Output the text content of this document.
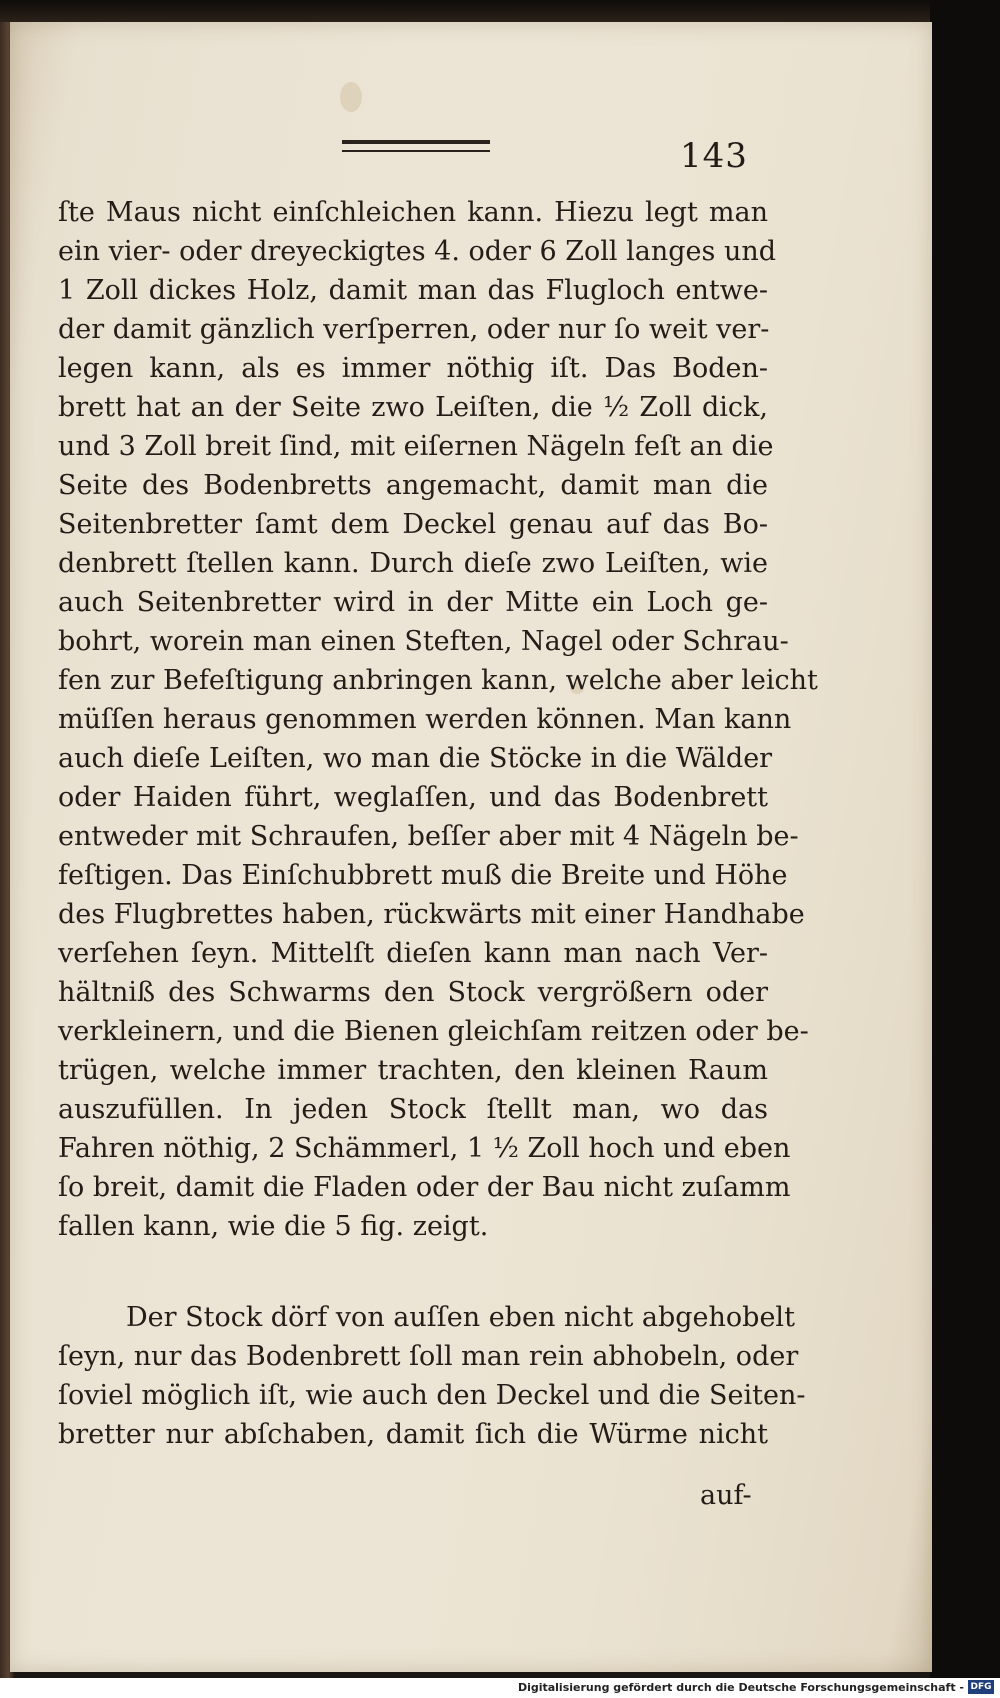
143
ſte Maus nicht einſchleichen kann. Hiezu legt man
ein vier- oder dreyeckigtes 4. oder 6 Zoll langes und
1 Zoll dickes Holz, damit man das Flugloch entwe-
der damit gänzlich verſperren, oder nur ſo weit ver-
legen kann, als es immer nöthig iſt. Das Boden-
brett hat an der Seite zwo Leiſten, die ½ Zoll dick,
und 3 Zoll breit ſind, mit eiſernen Nägeln feſt an die
Seite des Bodenbretts angemacht, damit man die
Seitenbretter ſamt dem Deckel genau auf das Bo-
denbrett ſtellen kann. Durch dieſe zwo Leiſten, wie
auch Seitenbretter wird in der Mitte ein Loch ge-
bohrt, worein man einen Steften, Nagel oder Schrau-
fen zur Befeſtigung anbringen kann, welche aber leicht
müſſen heraus genommen werden können. Man kann
auch dieſe Leiſten, wo man die Stöcke in die Wälder
oder Haiden führt, weglaſſen, und das Bodenbrett
entweder mit Schraufen, beſſer aber mit 4 Nägeln be-
feſtigen. Das Einſchubbrett muß die Breite und Höhe
des Flugbrettes haben, rückwärts mit einer Handhabe
verſehen ſeyn. Mittelſt dieſen kann man nach Ver-
hältniß des Schwarms den Stock vergrößern oder
verkleinern, und die Bienen gleichſam reitzen oder be-
trügen, welche immer trachten, den kleinen Raum
auszufüllen. In jeden Stock ſtellt man, wo das
Fahren nöthig, 2 Schämmerl, 1 ½ Zoll hoch und eben
ſo breit, damit die Fladen oder der Bau nicht zuſamm
fallen kann, wie die 5 fig. zeigt.
Der Stock dörf von auſſen eben nicht abgehobelt
ſeyn, nur das Bodenbrett ſoll man rein abhobeln, oder
ſoviel möglich iſt, wie auch den Deckel und die Seiten-
bretter nur abſchaben, damit ſich die Würme nicht
auf-
Digitalisierung gefördert durch die Deutsche Forschungsgemeinschaft - DFG
